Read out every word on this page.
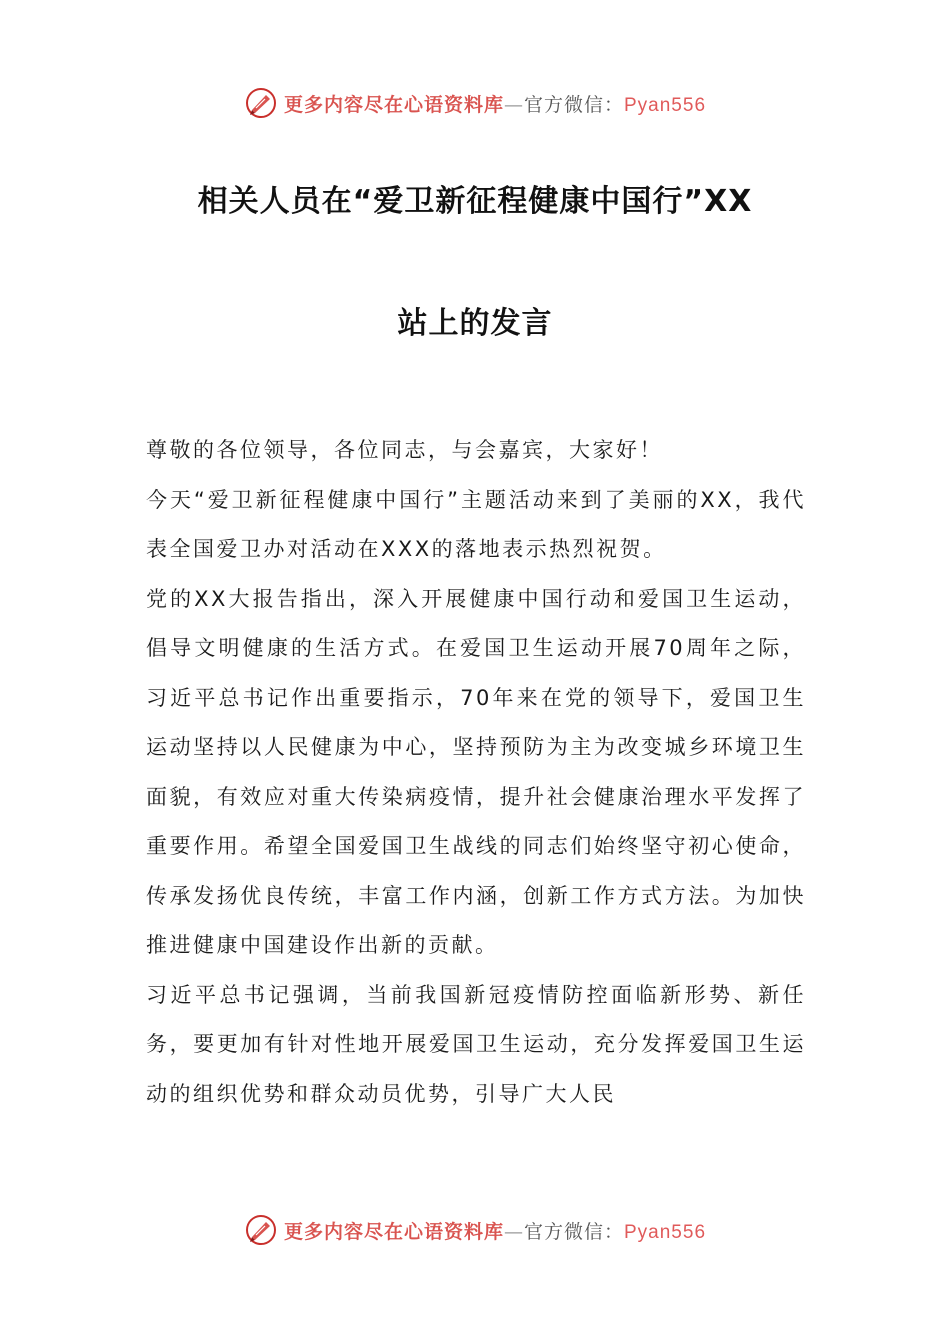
更多内容尽在心语资料库—官方微信：Pyan556
相关人员在“爱卫新征程健康中国行”XX
站上的发言

尊敬的各位领导，各位同志，与会嘉宾，大家好！

今天“爱卫新征程健康中国行”主题活动来到了美丽的XX，我代表全国爱卫办对活动在XXX的落地表示热烈祝贺。

党的XX大报告指出，深入开展健康中国行动和爱国卫生运动，倡导文明健康的生活方式。在爱国卫生运动开展70周年之际，习近平总书记作出重要指示，70年来在党的领导下，爱国卫生运动坚持以人民健康为中心，坚持预防为主为改变城乡环境卫生面貌，有效应对重大传染病疫情，提升社会健康治理水平发挥了重要作用。希望全国爱国卫生战线的同志们始终坚守初心使命，传承发扬优良传统，丰富工作内涵，创新工作方式方法。为加快推进健康中国建设作出新的贡献。

习近平总书记强调，当前我国新冠疫情防控面临新形势、新任务，要更加有针对性地开展爱国卫生运动，充分发挥爱国卫生运动的组织优势和群众动员优势，引导广大人民

更多内容尽在心语资料库—官方微信：Pyan556
